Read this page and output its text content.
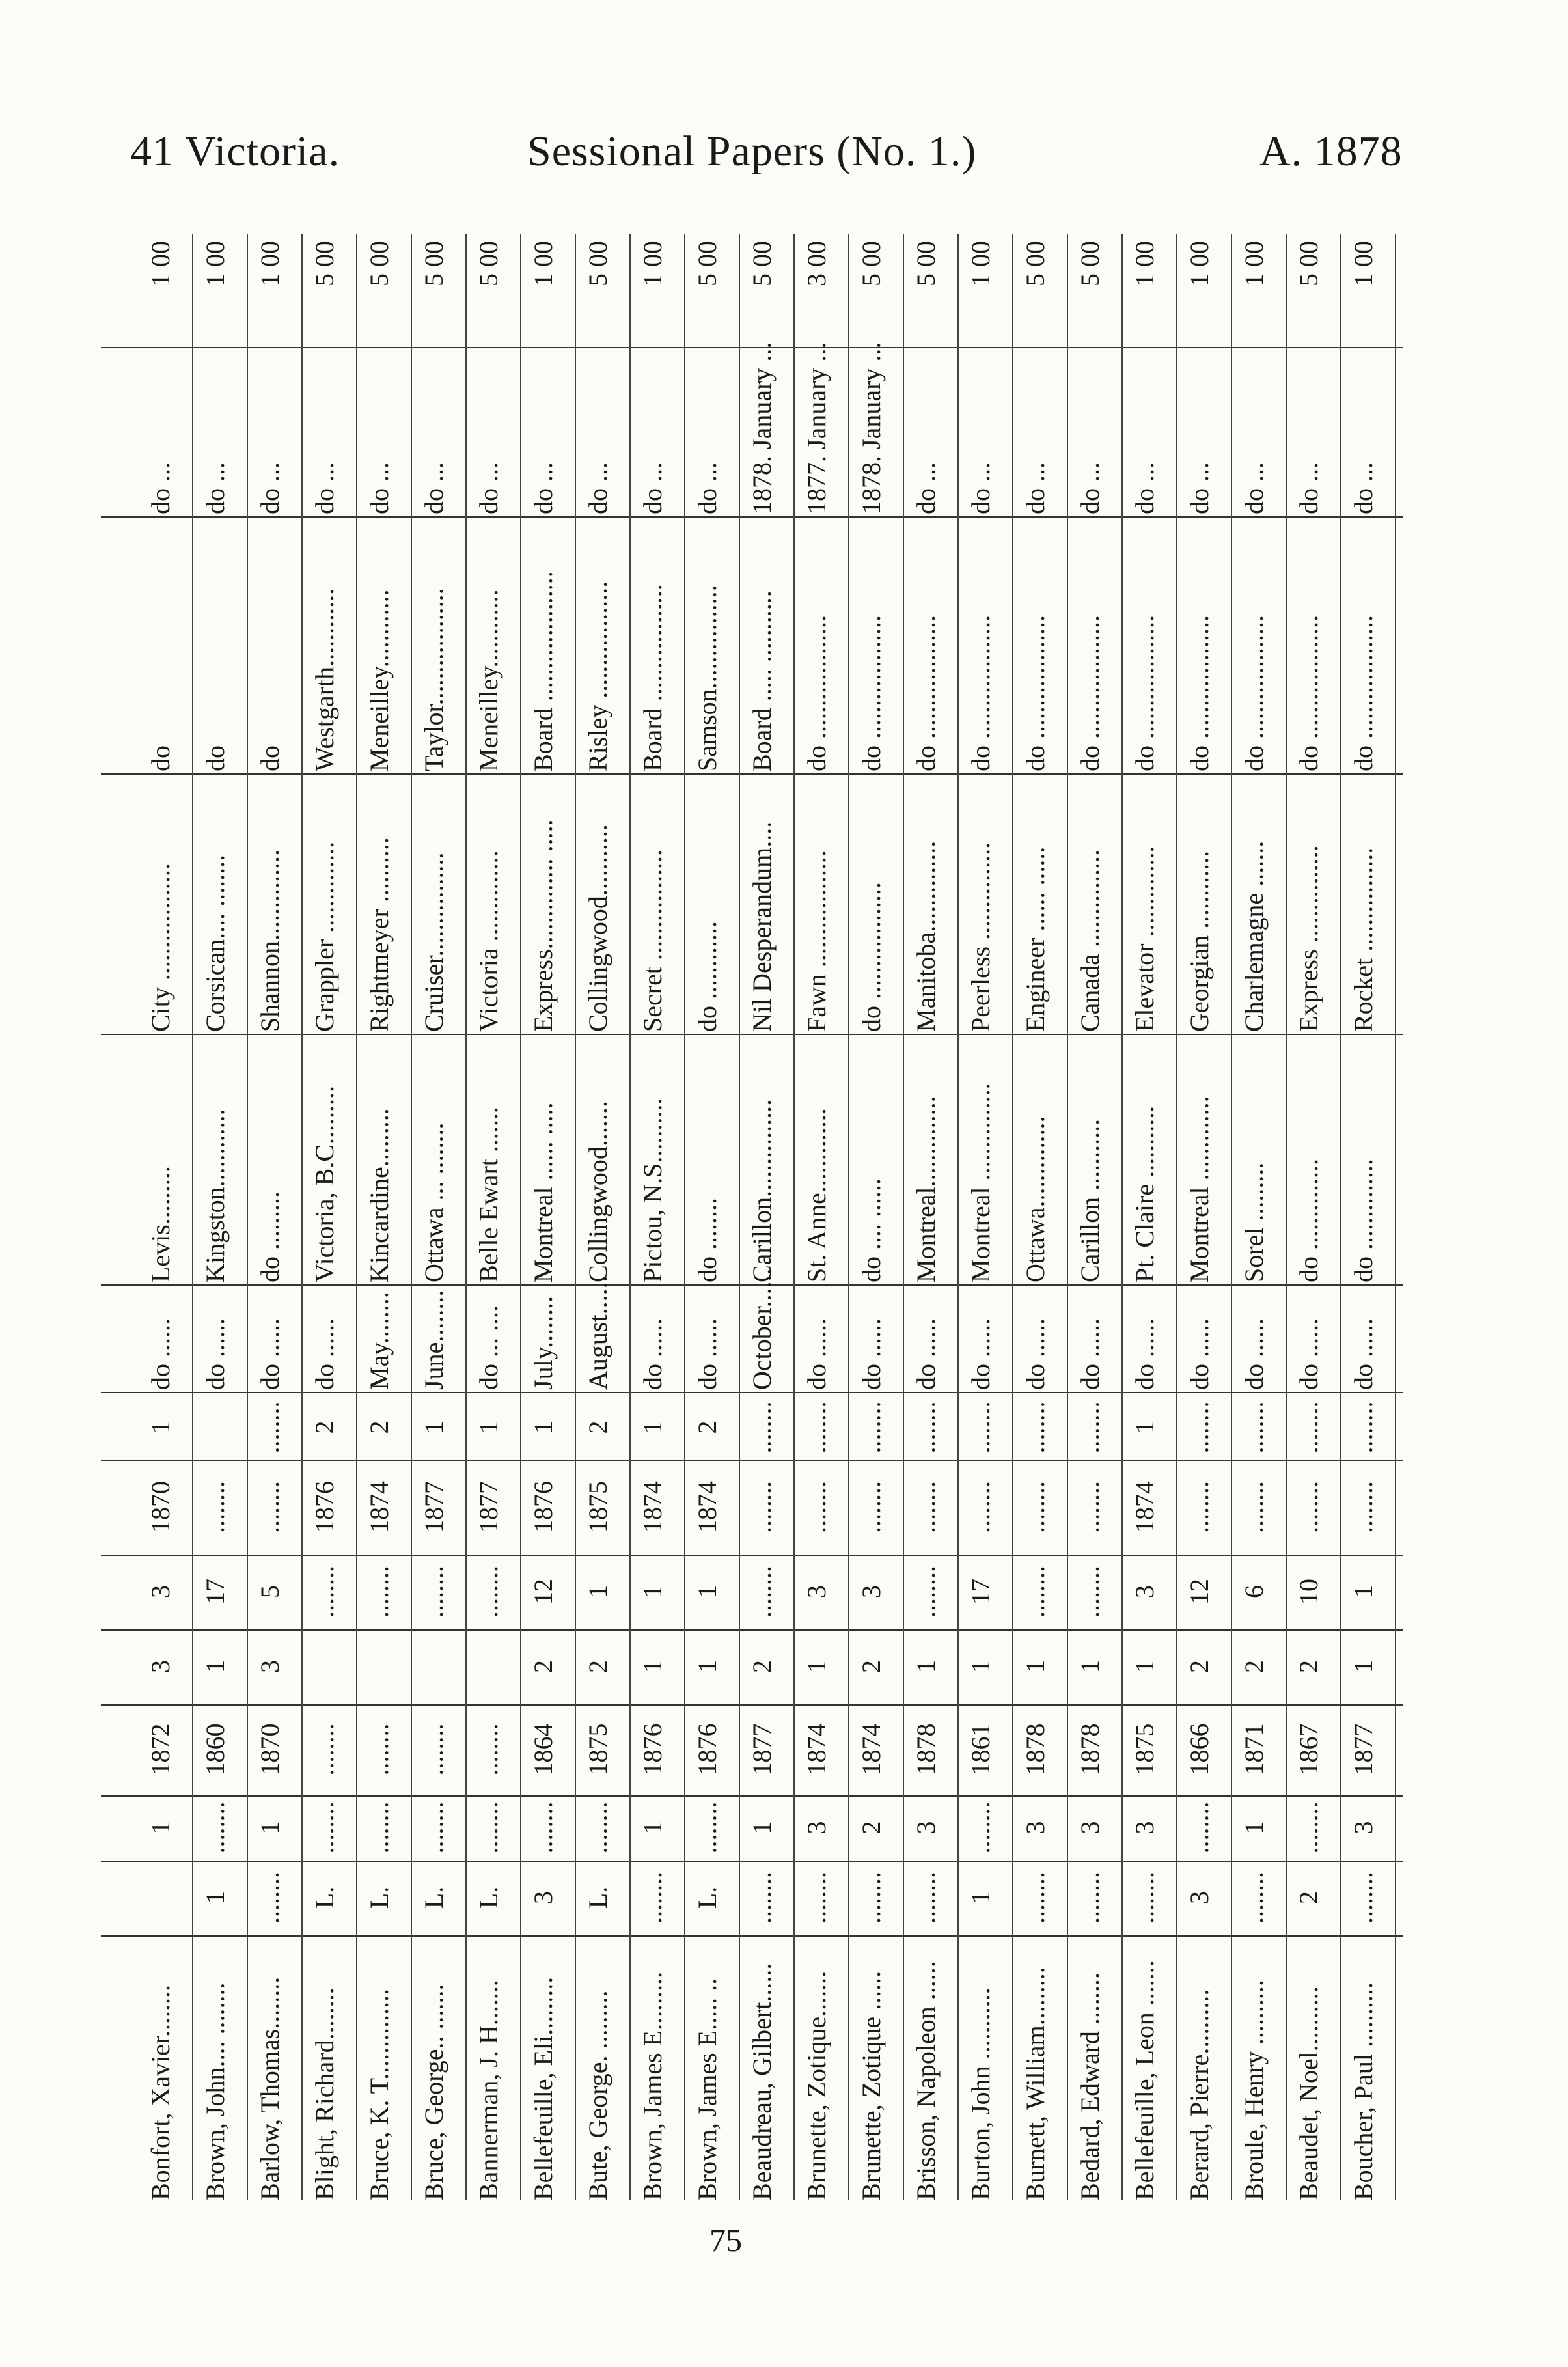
41 Victoria.	Sessional Papers (No. 1.)	A. 1878
Bonfort, Xavier........
1
1872
3
3
1870
1
do ......
Levis.........
City ..................
do
do ...
1 00
Brown, John.... ........
1
........
1860
1
17
........
do ......
Kingston............
Corsican.... ........
do
do ...
1 00
Barlow, Thomas........
........
1
1870
3
5
........
........
do ......
do .........
Shannon..............
do
do ...
1 00
Blight, Richard........
L.
........
........
........
1876
2
do ......
Victoria, B.C.........
Grappler ..............
Westgarth............
do ...
5 00
Bruce, K. T..............
L.
........
........
........
1874
2
May........
Kincardine.........
Rightmeyer ..........
Meneilley............
do ...
5 00
Bruce, George.. .......
L.
........
........
........
1877
1
June........
Ottawa ... ........
Cruiser................
Taylor..................
do ...
5 00
Bannerman, J. H.......
L.
........
........
........
1877
1
do ... ....
Belle Ewart .......
Victoria ..............
Meneilley............
do ...
5 00
Bellefeuille, Eli.........
3
........
1864
2
12
1876
1
July........
Montreal ...... .....
Express.............. .....
Board ....................
do ...
1 00
Bute, George. .........
L.
........
1875
2
1
1875
2
August......
Collingwood.......
Collingwood...........
Risley ..................
do ...
5 00
Brown, James E.........
........
1
1876
1
1
1874
1
do ......
Pictou, N.S..........
Secret .................
Board ..................
do ...
1 00
Brown, James E..... ..
L.
........
1876
1
1
1874
2
do ......
do ........
do ............
Samson................
do ...
5 00
Beaudreau, Gilbert......
........
1
1877
2
........
........
........
October......
Carillon...............
Nil Desperandum....
Board ..... ...........
1878. January ...
5 00
Brunette, Zotique.......
........
3
1874
1
3
........
........
do ......
St. Anne.............
Fawn ..................
do ...................
1877. January ...
3 00
Brunette, Zotique ......
........
2
1874
2
3
........
........
do ......
do .... ......
do ..................
do ...................
1878. January ...
5 00
Brisson, Napoleon ......
........
3
1878
1
........
........
........
do ......
Montreal..............
Manitoba..............
do ...................
do ...
5 00
Burton, John ...........
1
........
1861
1
17
........
........
do ......
Montreal ...............
Peerless ...............
do ...................
do ...
1 00
Burnett, William.........
........
3
1878
1
........
........
........
do ......
Ottawa..............
Engineer ...... ......
do ...................
do ...
5 00
Bedard, Edward ........
........
3
1878
1
........
........
........
do ......
Carillon ...........
Canada ...............
do ...................
do ...
5 00
Bellefeuille, Leon .......
........
3
1875
1
3
1874
1
do ......
Pt. Claire ...........
Elevator ..............
do ...................
do ...
1 00
Berard, Pierre..........
3
........
1866
2
12
........
........
do ......
Montreal .............
Georgian ............
do ...................
do ...
1 00
Broule, Henry ..........
........
1
1871
2
6
........
........
do ......
Sorel .........
Charlemagne .......
do ...................
do ...
1 00
Beaudet, Noel..........
2
........
1867
2
10
........
........
do ......
do ..............
Express ...............
do ...................
do ...
5 00
Boucher, Paul ..........
........
3
1877
1
1
........
........
do ......
do ..............
Rocket ................
do ...................
do ...
1 00
75
